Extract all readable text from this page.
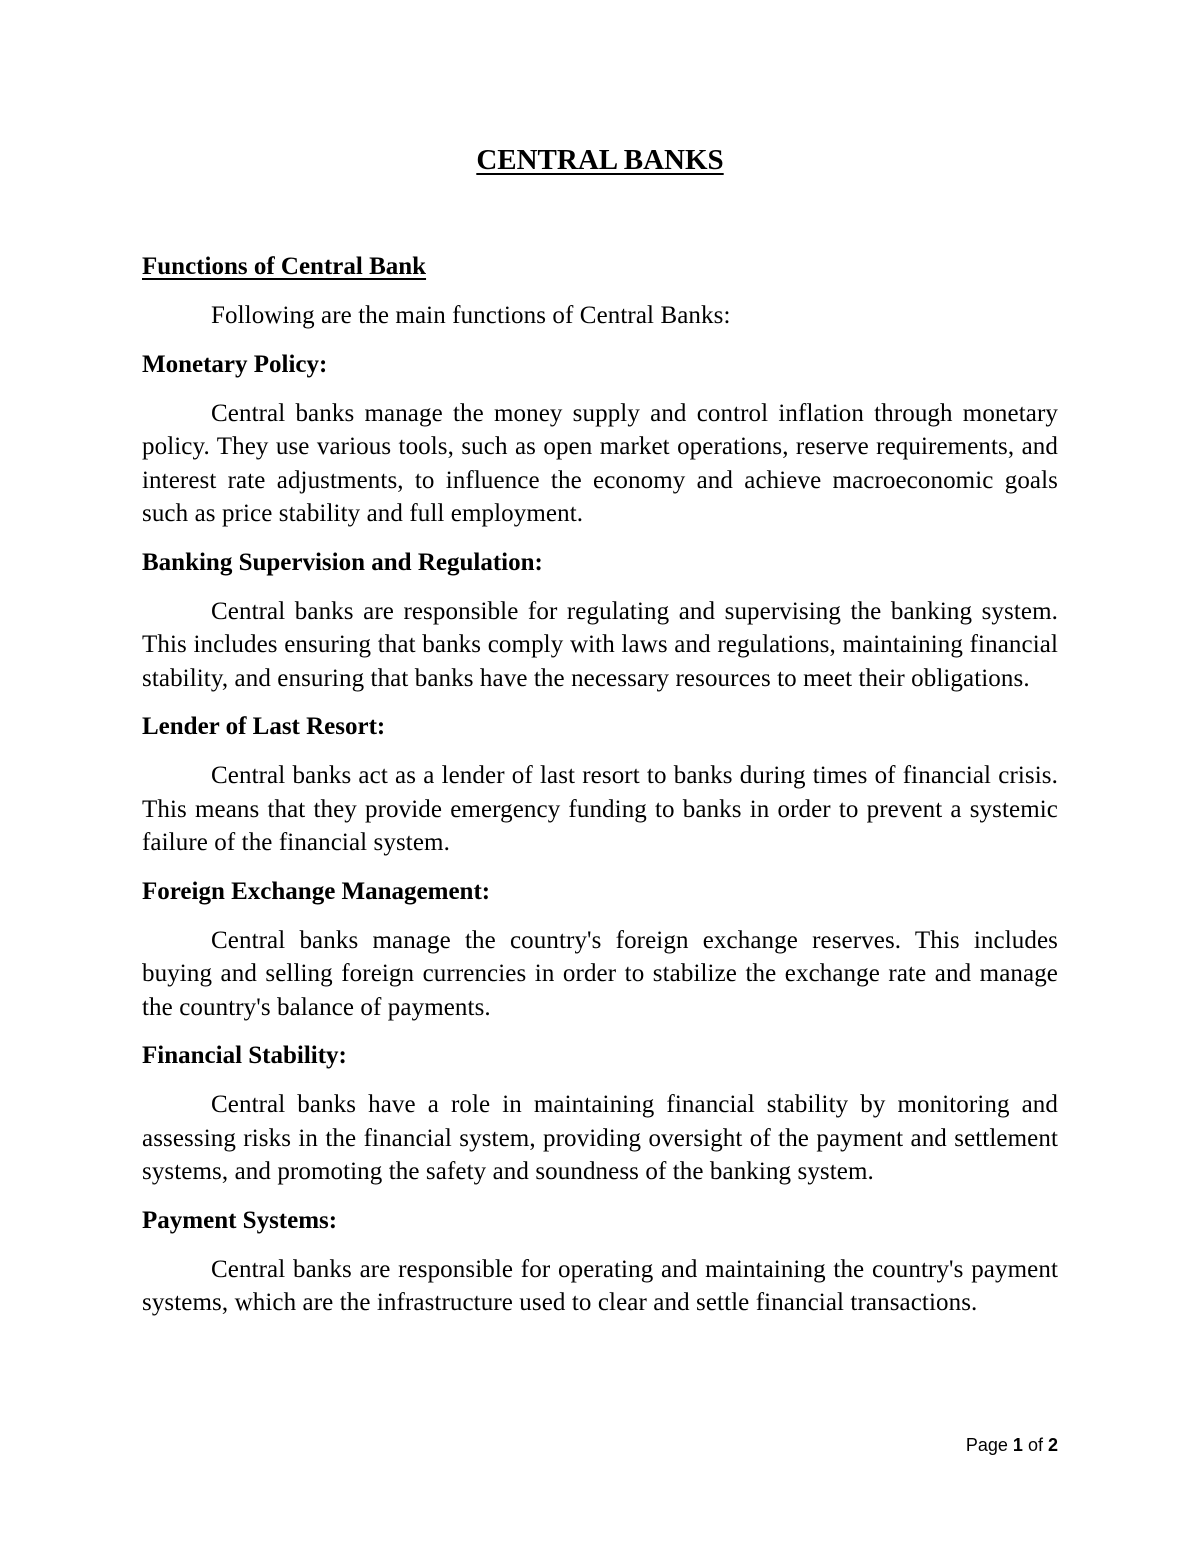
CENTRAL BANKS
Functions of Central Bank

Following are the main functions of Central Banks:

Monetary Policy:

Central banks manage the money supply and control inflation through monetary policy. They use various tools, such as open market operations, reserve requirements, and interest rate adjustments, to influence the economy and achieve macroeconomic goals such as price stability and full employment.

Banking Supervision and Regulation:

Central banks are responsible for regulating and supervising the banking system. This includes ensuring that banks comply with laws and regulations, maintaining financial stability, and ensuring that banks have the necessary resources to meet their obligations.

Lender of Last Resort:

Central banks act as a lender of last resort to banks during times of financial crisis. This means that they provide emergency funding to banks in order to prevent a systemic failure of the financial system.

Foreign Exchange Management:

Central banks manage the country's foreign exchange reserves. This includes buying and selling foreign currencies in order to stabilize the exchange rate and manage the country's balance of payments.

Financial Stability:

Central banks have a role in maintaining financial stability by monitoring and assessing risks in the financial system, providing oversight of the payment and settlement systems, and promoting the safety and soundness of the banking system.

Payment Systems:

Central banks are responsible for operating and maintaining the country's payment systems, which are the infrastructure used to clear and settle financial transactions.

Page 1 of 2
